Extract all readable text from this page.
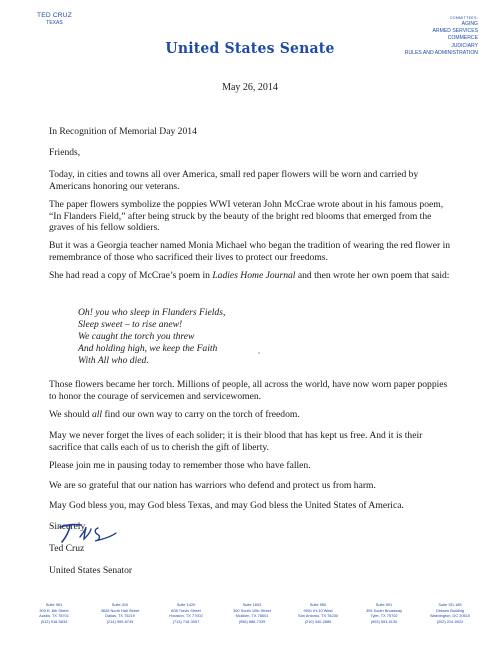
TED CRUZ
TEXAS
COMMITTEES:
AGING
ARMED SERVICES
COMMERCE
JUDICIARY
RULES AND ADMINISTRATION
United States Senate
May 26, 2014

In Recognition of Memorial Day 2014

Friends,

Today, in cities and towns all over America, small red paper flowers will be worn and carried by Americans honoring our veterans.

The paper flowers symbolize the poppies WWI veteran John McCrae wrote about in his famous poem, “In Flanders Field,” after being struck by the beauty of the bright red blooms that emerged from the graves of his fellow soldiers.

But it was a Georgia teacher named Monia Michael who began the tradition of wearing the red flower in remembrance of those who sacrificed their lives to protect our freedoms.

She had read a copy of McCrae’s poem in Ladies Home Journal and then wrote her own poem that said:

Those flowers became her torch. Millions of people, all across the world, have now worn paper poppies to honor the courage of servicemen and servicewomen.

We should all find our own way to carry on the torch of freedom.

May we never forget the lives of each solider; it is their blood that has kept us free. And it is their sacrifice that calls each of us to cherish the gift of liberty.

Please join me in pausing today to remember those who have fallen.

We are so grateful that our nation has warriors who defend and protect us from harm.

May God bless you, may God bless Texas, and may God bless the United States of America.

Oh! you who sleep in Flanders Fields,
Sleep sweet – to rise anew!
We caught the torch you threw
And holding high, we keep the Faith
With All who died.
Sincerely,
Ted Cruz
United States Senator
Suite 961
300 E. 8th Street
Austin, TX 78701
(512) 916-5834
Suite 410
3626 North Hall Street
Dallas, TX 75219
(214) 599-8749
Suite 1420
808 Travis Street
Houston, TX 77002
(713) 718-3057
Suite 1603
300 South 10th Street
McAllen, TX 78501
(956) 686-7339
Suite 950
9901 IH-10 West
San Antonio, TX 78230
(210) 340-2885
Suite 501
305 South Broadway
Tyler, TX 75702
(903) 593-5130
Suite SD-185
Dirksen Building
Washington, DC 20510
(202) 224-5922
